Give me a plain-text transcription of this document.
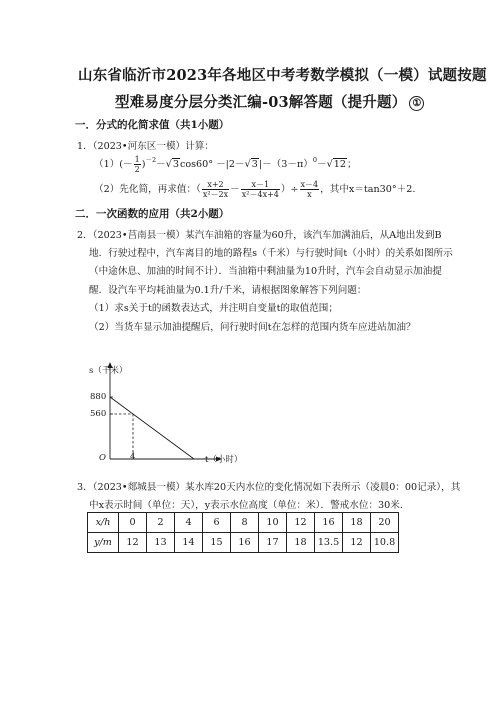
山东省临沂市2023年各地区中考考数学模拟（一模）试题按题
型难易度分层分类汇编-03解答题（提升题） ①
一．分式的化简求值（共1小题）
1．（2023•河东区一模）计算：
$(1)(- \frac{1}{2} )^{-2}-√3\cos 60^\circ -|2-√3|-(3-\pi)^0-√12$；
（2）先化简，再求值：（ $\frac{x+2}{\text{x²－2x}} - \frac{x-1}{\text{x²－4x+4}}$ ）÷ $\frac{x-4}{x}$ ，其中x＝tan30°＋2.
二．一次函数的应用（共2小题）
2．（2023•莒南县一模）某汽车油箱的容量为60升，该汽车加满油后，从A地出发到B
地．行驶过程中，汽车离目的地的路程s（千米）与行驶时间t（小时）的关系如图所示
（中途休息、加油的时间不计）．当油箱中剩油量为10升时，汽车会自动显示加油提
醒．设汽车平均耗油量为0.1升/千米，请根据图象解答下列问题：
（1）求s关于t的函数表达式，并注明自变量t的取值范围；
（2）当货车显示加油提醒后，问行驶时间t在怎样的范围内货车应进站加油？
s（千米）
880
560
O	4	t（小时）
3．（2023•郯城县一模）某水库20天内水位的变化情况如下表所示（凌晨0：00记录），其
中x表示时间（单位：天），y表示水位高度（单位：米）．警戒水位：30米.
x/h	0	2	4	6	8	10	12	16	18	20
y/m	12	13	14	15	16	17	18	13.5	12	10.8
